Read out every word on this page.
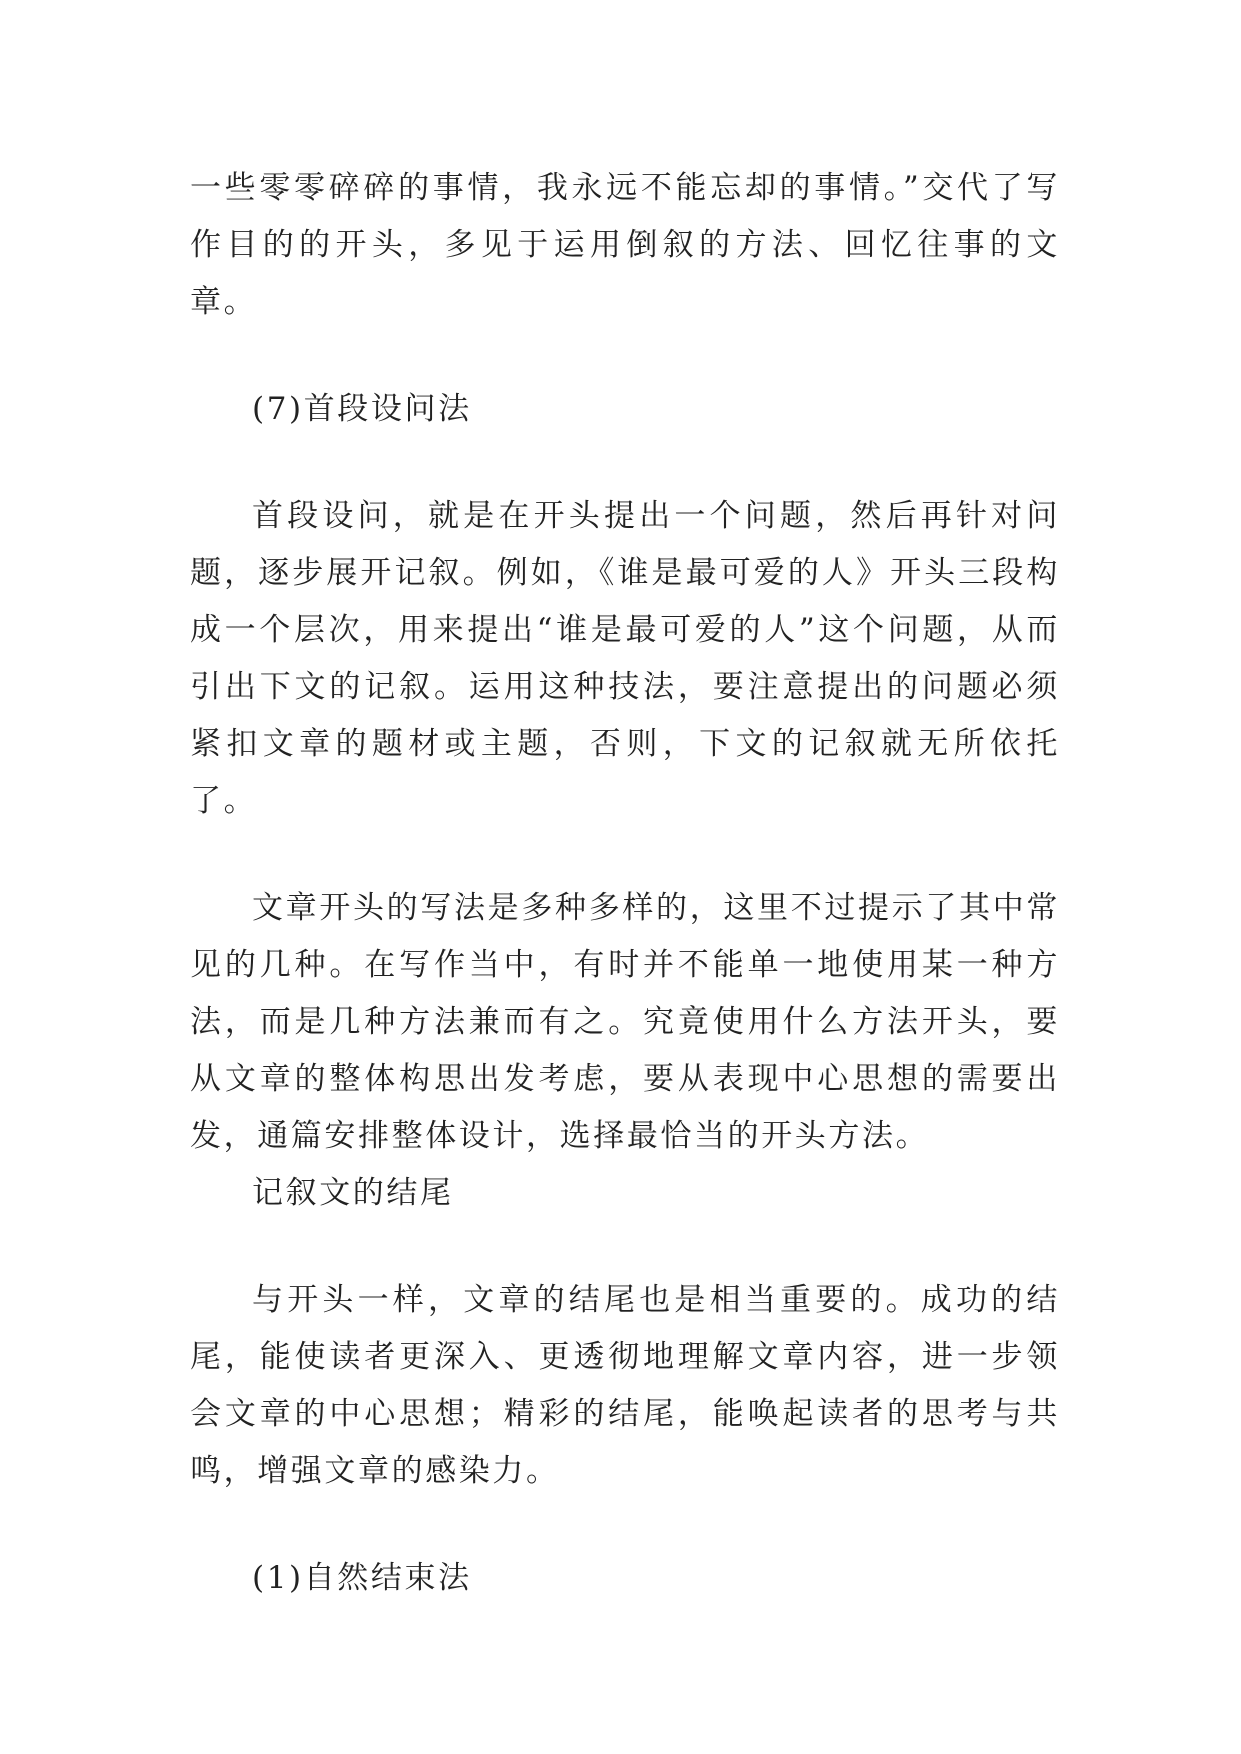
一些零零碎碎的事情，我永远不能忘却的事情。”交代了写作目的的开头，多见于运用倒叙的方法、回忆往事的文章。

(7)首段设问法

首段设问，就是在开头提出一个问题，然后再针对问题，逐步展开记叙。例如，《谁是最可爱的人》开头三段构成一个层次，用来提出“谁是最可爱的人”这个问题，从而引出下文的记叙。运用这种技法，要注意提出的问题必须紧扣文章的题材或主题，否则，下文的记叙就无所依托了。

文章开头的写法是多种多样的，这里不过提示了其中常见的几种。在写作当中，有时并不能单一地使用某一种方法，而是几种方法兼而有之。究竟使用什么方法开头，要从文章的整体构思出发考虑，要从表现中心思想的需要出发，通篇安排整体设计，选择最恰当的开头方法。

记叙文的结尾

与开头一样，文章的结尾也是相当重要的。成功的结尾，能使读者更深入、更透彻地理解文章内容，进一步领会文章的中心思想；精彩的结尾，能唤起读者的思考与共鸣，增强文章的感染力。

(1)自然结束法
